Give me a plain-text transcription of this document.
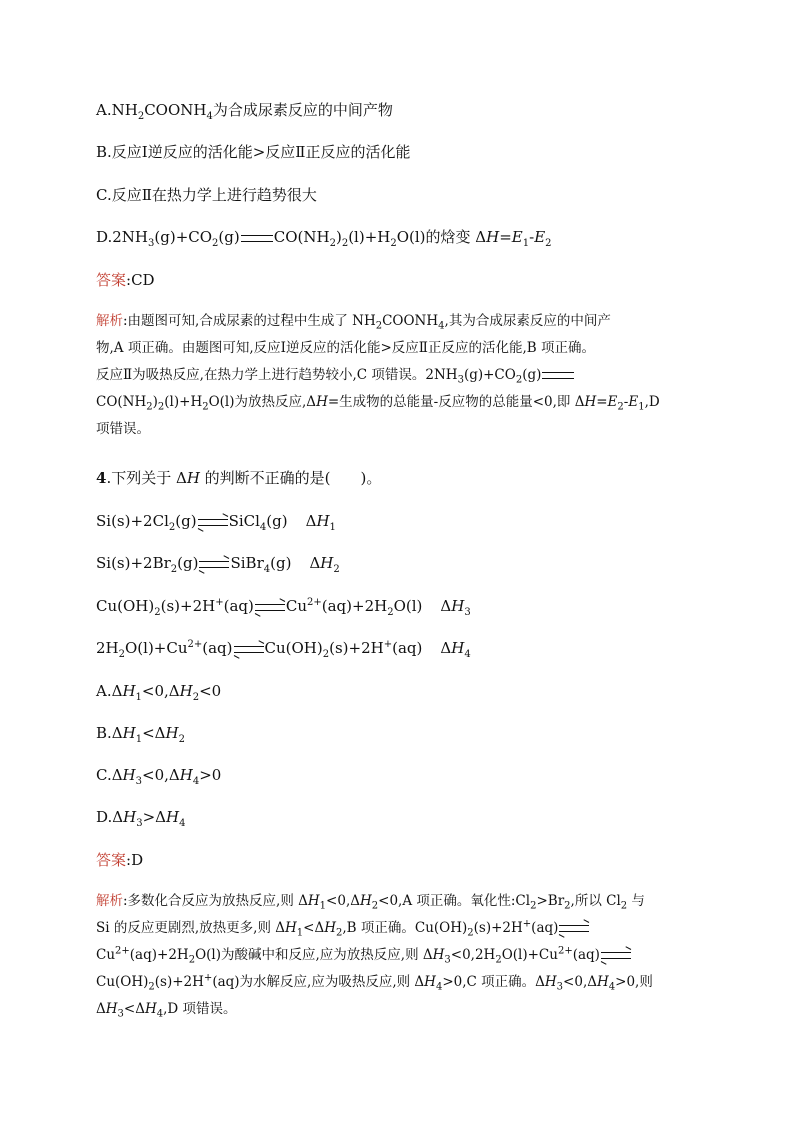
$A.NH_2COONH_4$为合成尿素反应的中间产物
B.反应Ⅰ逆反应的活化能>反应Ⅱ正反应的活化能
C.反应Ⅱ在热力学上进行趋势很大
$D.2NH_3(g)+CO_2(g)$ $CO(NH_2)_2(l)+H_2O(l)$的焓变 $\Delta H=E_1-E_2$
答案:CD
解析:由题图可知,合成尿素的过程中生成了 $NH_2COONH_4$,其为合成尿素反应的中间产
物,A 项正确。由题图可知,反应Ⅰ逆反应的活化能>反应Ⅱ正反应的活化能,B 项正确。
反应Ⅱ为吸热反应,在热力学上进行趋势较小,C 项错误。$2NH_3(g)+CO_2(g)$
$CO(NH_2)_2(l)+H_2O(l)$为放热反应,ΔH=生成物的总能量-反应物的总能量<0,即 $\Delta H=E_2-E_1,D$
项错误。
4.下列关于 ΔH 的判断不正确的是(　　)。
$Si(s)+2Cl_2(g)$ SiCl$_4$(g) $\Delta H_1$
$Si(s)+2Br_2(g)$ SiBr$_4$(g) $\Delta H_2$
$Cu(OH)_2(s)+2H^+(aq)$ $Cu^{2+}(aq)+2H_2O(l)$ $\Delta H_3$
$2H_2O(l)+Cu^{2+}(aq)$ $Cu(OH)_2(s)+2H^+(aq)$ $\Delta H_4$
$A.\Delta H_1<0,\Delta H_2<0$
$B.\Delta H_1<\Delta H_2$
$C.\Delta H_3<0,\Delta H_4>0$
$D.\Delta H_3>\Delta H_4$
答案:D
解析:多数化合反应为放热反应,则 $\Delta H_1<0,\Delta H_2<0,A$ 项正确。氧化性$:Cl_2>Br_2$,所以 $Cl_2$ 与
Si 的反应更剧烈,放热更多,则 $\Delta H_1<\Delta H_2,B$ 项正确。$Cu(OH)_2(s)+2H^+(aq)$
$Cu^{2+}(aq)+2H_2O(l)$为酸碱中和反应,应为放热反应,则 $\Delta H_3<0,2H_2O(l)+Cu^{2+}(aq)$
$Cu(OH)_2(s)+2H^+(aq)$为水解反应,应为吸热反应,则 $\Delta H_4>0,C$ 项正确。$\Delta H_3<0,\Delta H_4>0$,则
$\Delta H_3<\Delta H_4,D$ 项错误。
